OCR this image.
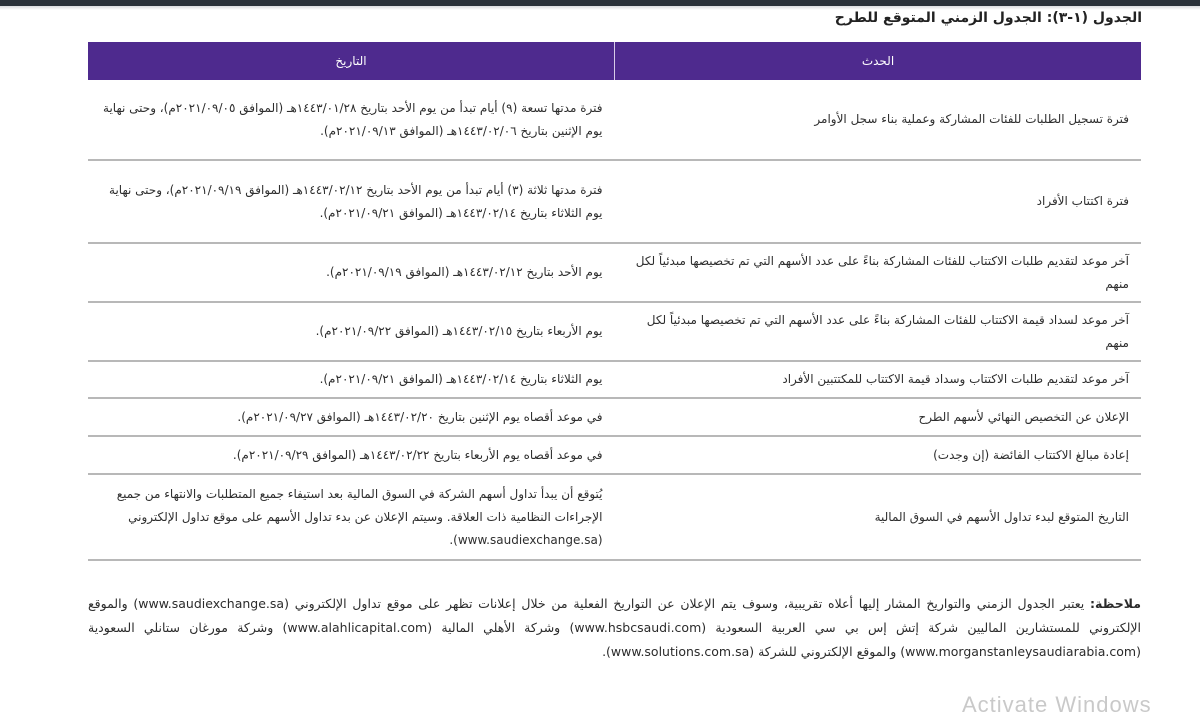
الجدول (١-٣): الجدول الزمني المتوقع للطرح
الحدث	التاريخ
فترة تسجيل الطلبات للفئات المشاركة وعملية بناء سجل الأوامر	فترة مدتها تسعة (٩) أيام تبدأ من يوم الأحد بتاريخ ١٤٤٣/٠١/٢٨هـ (الموافق ٢٠٢١/٠٩/٠٥م)، وحتى نهاية يوم الإثنين بتاريخ ١٤٤٣/٠٢/٠٦هـ (الموافق ٢٠٢١/٠٩/١٣م).
فترة اكتتاب الأفراد	فترة مدتها ثلاثة (٣) أيام تبدأ من يوم الأحد بتاريخ ١٤٤٣/٠٢/١٢هـ (الموافق ٢٠٢١/٠٩/١٩م)، وحتى نهاية يوم الثلاثاء بتاريخ ١٤٤٣/٠٢/١٤هـ (الموافق ٢٠٢١/٠٩/٢١م).
آخر موعد لتقديم طلبات الاكتتاب للفئات المشاركة بناءً على عدد الأسهم التي تم تخصيصها مبدئياً لكل منهم	يوم الأحد بتاريخ ١٤٤٣/٠٢/١٢هـ (الموافق ٢٠٢١/٠٩/١٩م).
آخر موعد لسداد قيمة الاكتتاب للفئات المشاركة بناءً على عدد الأسهم التي تم تخصيصها مبدئياً لكل منهم	يوم الأربعاء بتاريخ ١٤٤٣/٠٢/١٥هـ (الموافق ٢٠٢١/٠٩/٢٢م).
آخر موعد لتقديم طلبات الاكتتاب وسداد قيمة الاكتتاب للمكتتبين الأفراد	يوم الثلاثاء بتاريخ ١٤٤٣/٠٢/١٤هـ (الموافق ٢٠٢١/٠٩/٢١م).
الإعلان عن التخصيص النهائي لأسهم الطرح	في موعد أقصاه يوم الإثنين بتاريخ ١٤٤٣/٠٢/٢٠هـ (الموافق ٢٠٢١/٠٩/٢٧م).
إعادة مبالغ الاكتتاب الفائضة (إن وجدت)	في موعد أقصاه يوم الأربعاء بتاريخ ١٤٤٣/٠٢/٢٢هـ (الموافق ٢٠٢١/٠٩/٢٩م).
التاريخ المتوقع لبدء تداول الأسهم في السوق المالية	يُتوقع أن يبدأ تداول أسهم الشركة في السوق المالية بعد استيفاء جميع المتطلبات والانتهاء من جميع الإجراءات النظامية ذات العلاقة. وسيتم الإعلان عن بدء تداول الأسهم على موقع تداول الإلكتروني (www.saudiexchange.sa).
ملاحظة: يعتبر الجدول الزمني والتواريخ المشار إليها أعلاه تقريبية، وسوف يتم الإعلان عن التواريخ الفعلية من خلال إعلانات تظهر على موقع تداول الإلكتروني (www.saudiexchange.sa) والموقع الإلكتروني للمستشارين الماليين شركة إتش إس بي سي العربية السعودية (www.hsbcsaudi.com) وشركة الأهلي المالية (www.alahlicapital.com) وشركة مورغان ستانلي السعودية (www.morganstanleysaudiarabia.com) والموقع الإلكتروني للشركة (www.solutions.com.sa).
Activate Windows
